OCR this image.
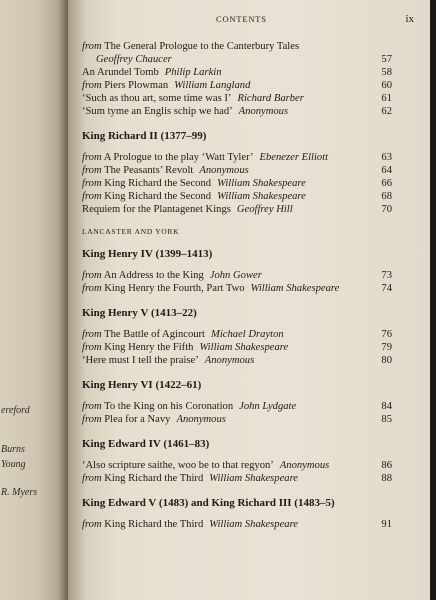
ereford
Burns
Young
R. Myers
CONTENTS	ix
from The General Prologue to the Canterbury Tales
Geoffrey Chaucer	57
An Arundel Tomb Philip Larkin	58
from Piers Plowman William Langland	60
‘Such as thou art, some time was I’ Richard Barber	61
‘Sum tyme an Englis schip we had’ Anonymous	62
King Richard II (1377–99)
from A Prologue to the play ‘Watt Tyler’ Ebenezer Elliott	63
from The Peasants’ Revolt Anonymous	64
from King Richard the Second William Shakespeare	66
from King Richard the Second William Shakespeare	68
Requiem for the Plantagenet Kings Geoffrey Hill	70
LANCASTER AND YORK
King Henry IV (1399–1413)
from An Address to the King John Gower	73
from King Henry the Fourth, Part Two William Shakespeare	74
King Henry V (1413–22)
from The Battle of Agincourt Michael Drayton	76
from King Henry the Fifth William Shakespeare	79
‘Here must I tell the praise’ Anonymous	80
King Henry VI (1422–61)
from To the King on his Coronation John Lydgate	84
from Plea for a Navy Anonymous	85
King Edward IV (1461–83)
‘Also scripture saithe, woo be to that regyon’ Anonymous	86
from King Richard the Third William Shakespeare	88
King Edward V (1483) and King Richard III (1483–5)
from King Richard the Third William Shakespeare	91
